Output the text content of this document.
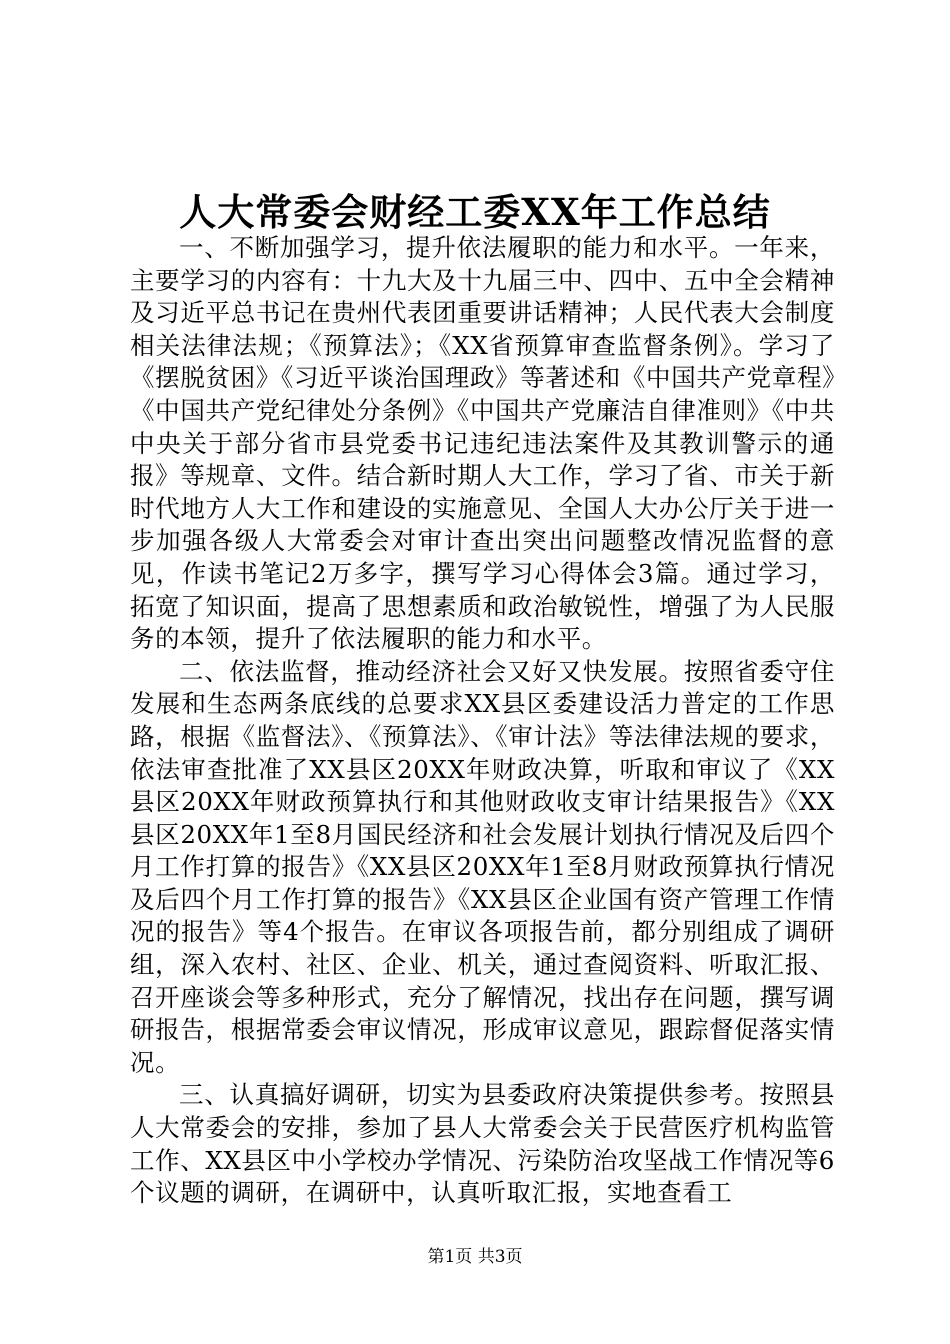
人大常委会财经工委XX年工作总结

一、不断加强学习，提升依法履职的能力和水平。一年来，主要学习的内容有：十九大及十九届三中、四中、五中全会精神及习近平总书记在贵州代表团重要讲话精神；人民代表大会制度相关法律法规；《预算法》；《XX省预算审查监督条例》。学习了《摆脱贫困》《习近平谈治国理政》等著述和《中国共产党章程》《中国共产党纪律处分条例》《中国共产党廉洁自律准则》《中共中央关于部分省市县党委书记违纪违法案件及其教训警示的通报》等规章、文件。结合新时期人大工作，学习了省、市关于新时代地方人大工作和建设的实施意见、全国人大办公厅关于进一步加强各级人大常委会对审计查出突出问题整改情况监督的意见，作读书笔记2万多字，撰写学习心得体会3篇。通过学习，拓宽了知识面，提高了思想素质和政治敏锐性，增强了为人民服务的本领，提升了依法履职的能力和水平。

二、依法监督，推动经济社会又好又快发展。按照省委守住发展和生态两条底线的总要求XX县区委建设活力普定的工作思路，根据《监督法》、《预算法》、《审计法》等法律法规的要求，依法审查批准了XX县区20XX年财政决算，听取和审议了《XX县区20XX年财政预算执行和其他财政收支审计结果报告》《XX县区20XX年1至8月国民经济和社会发展计划执行情况及后四个月工作打算的报告》《XX县区20XX年1至8月财政预算执行情况及后四个月工作打算的报告》《XX县区企业国有资产管理工作情况的报告》等4个报告。在审议各项报告前，都分别组成了调研组，深入农村、社区、企业、机关，通过查阅资料、听取汇报、召开座谈会等多种形式，充分了解情况，找出存在问题，撰写调研报告，根据常委会审议情况，形成审议意见，跟踪督促落实情况。

三、认真搞好调研，切实为县委政府决策提供参考。按照县人大常委会的安排，参加了县人大常委会关于民营医疗机构监管工作、XX县区中小学校办学情况、污染防治攻坚战工作情况等6个议题的调研，在调研中，认真听取汇报，实地查看工

第1页 共3页
